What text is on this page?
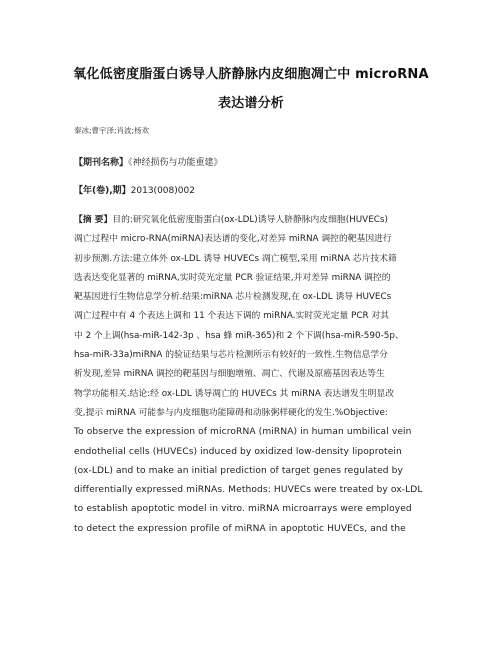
氧化低密度脂蛋白诱导人脐静脉内皮细胞凋亡中 microRNA
表达谱分析
秦冰;曹宇泽;肖波;杨欢
【期刊名称】《神经损伤与功能重建》
【年(卷),期】2013(008)002
【摘 要】目的:研究氧化低密度脂蛋白(ox-LDL)诱导人脐静脉内皮细胞(HUVECs)
凋亡过程中 micro-RNA(miRNA)表达谱的变化,对差异 miRNA 调控的靶基因进行
初步预测.方法:建立体外 ox-LDL 诱导 HUVECs 凋亡模型,采用 miRNA 芯片技术筛
选表达变化显著的 miRNA,实时荧光定量 PCR 验证结果,并对差异 miRNA 调控的
靶基因进行生物信息学分析.结果:miRNA 芯片检测发现,在 ox-LDL 诱导 HUVECs
凋亡过程中有 4 个表达上调和 11 个表达下调的 miRNA.实时荧光定量 PCR 对其
中 2 个上调(hsa-miR-142-3p 、hsa 蜂 miR-365)和 2 个下调(hsa-miR-590-5p、
hsa-miR-33a)miRNA 的验证结果与芯片检测所示有较好的一致性.生物信息学分
析发现,差异 miRNA 调控的靶基因与细胞增殖、凋亡、代谢及原癌基因表达等生
物学功能相关.结论:经 ox-LDL 诱导凋亡的 HUVECs 其 miRNA 表达谱发生明显改
变,提示 miRNA 可能参与内皮细胞功能障碍和动脉粥样硬化的发生.%Objective:
To observe the expression of microRNA (miRNA) in human umbilical vein
endothelial cells (HUVECs) induced by oxidized low-density lipoprotein
(ox-LDL) and to make an initial prediction of target genes regulated by
differentially expressed miRNAs. Methods: HUVECs were treated by ox-LDL
to establish apoptotic model in vitro. miRNA microarrays were employed
to detect the expression profile of miRNA in apoptotic HUVECs, and the
